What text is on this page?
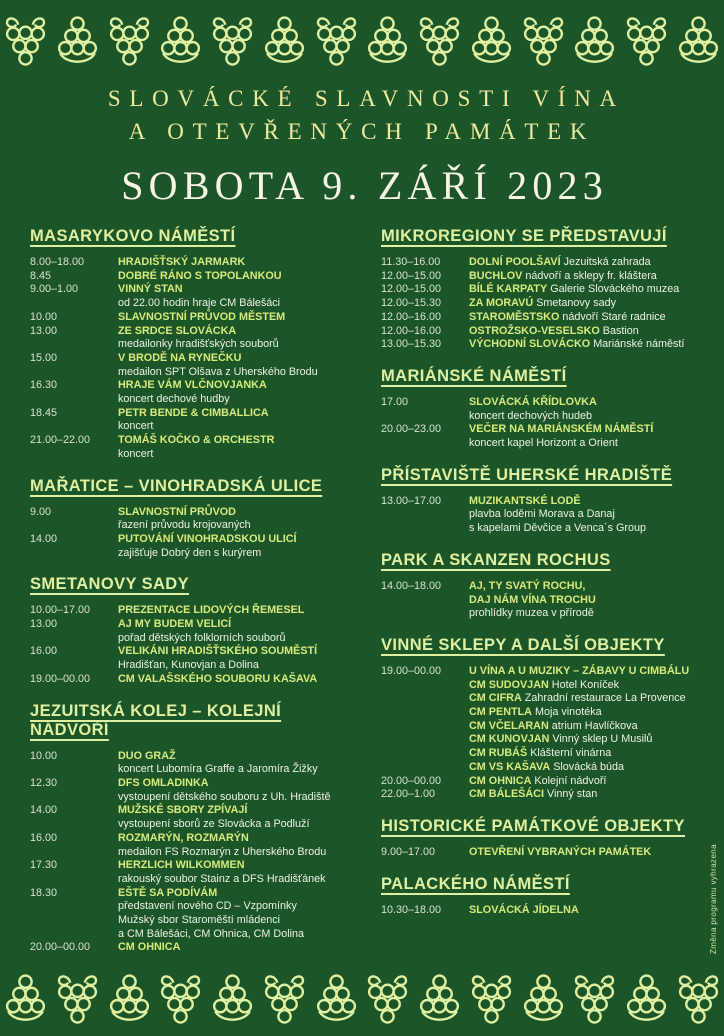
SLOVÁCKÉ SLAVNOSTI VÍNA
A OTEVŘENÝCH PAMÁTEK
SOBOTA 9. ZÁŘÍ 2023
MASARYKOVO NÁMĚSTÍ
8.00–18.00	HRADIŠŤSKÝ JARMARK
8.45	DOBRÉ RÁNO S TOPOLANKOU
9.00–1.00	VINNÝ STAN
od 22.00 hodin hraje CM Bálešáci
10.00	SLAVNOSTNÍ PRŮVOD MĚSTEM
13.00	ZE SRDCE SLOVÁCKA
medailonky hradišťských souborů
15.00	V BRODĚ NA RYNEČKU
medailon SPT Olšava z Uherského Brodu
16.30	HRAJE VÁM VLČNOVJANKA
koncert dechové hudby
18.45	PETR BENDE & CIMBALLICA
koncert
21.00–22.00	TOMÁŠ KOČKO & ORCHESTR
koncert
MAŘATICE – VINOHRADSKÁ ULICE
9.00	SLAVNOSTNÍ PRŮVOD
řazení průvodu krojovaných
14.00	PUTOVÁNÍ VINOHRADSKOU ULICÍ
zajišťuje Dobrý den s kurýrem
SMETANOVY SADY
10.00–17.00	PREZENTACE LIDOVÝCH ŘEMESEL
13.00	AJ MY BUDEM VELICÍ
pořad dětských folklorních souborů
16.00	VELIKÁNI HRADIŠŤSKÉHO SOUMĚSTÍ
Hradišťan, Kunovjan a Dolina
19.00–00.00	CM VALAŠSKÉHO SOUBORU KAŠAVA
JEZUITSKÁ KOLEJ – KOLEJNÍ NÁDVOŘÍ
10.00	DUO GRAŽ
koncert Lubomíra Graffe a Jaromíra Žižky
12.30	DFS OMLADINKA
vystoupení dětského souboru z Uh. Hradiště
14.00	MUŽSKÉ SBORY ZPÍVAJÍ
vystoupení sborů ze Slovácka a Podluží
16.00	ROZMARÝN, ROZMARÝN
medailon FS Rozmarýn z Uherského Brodu
17.30	HERZLICH WILKOMMEN
rakouský soubor Stainz a DFS Hradišťánek
18.30	EŠTĚ SA PODÍVÁM
představení nového CD – Vzpomínky
Mužský sbor Staroměští mládenci
a CM Bálešáci, CM Ohnica, CM Dolina
20.00–00.00	CM OHNICA
MIKROREGIONY SE PŘEDSTAVUJÍ
11.30–16.00	DOLNÍ POOLŠAVÍ Jezuitská zahrada
12.00–15.00	BUCHLOV nádvoří a sklepy fr. kláštera
12.00–15.00	BÍLÉ KARPATY Galerie Slováckého muzea
12.00–15.30	ZA MORAVÚ Smetanovy sady
12.00–16.00	STAROMĚSTSKO nádvoří Staré radnice
12.00–16.00	OSTROŽSKO-VESELSKO Bastion
13.00–15.30	VÝCHODNÍ SLOVÁCKO Mariánské náměstí
MARIÁNSKÉ NÁMĚSTÍ
17.00	SLOVÁCKÁ KŘÍDLOVKA
koncert dechových hudeb
20.00–23.00	VEČER NA MARIÁNSKÉM NÁMĚSTÍ
koncert kapel Horizont a Orient
PŘÍSTAVIŠTĚ UHERSKÉ HRADIŠTĚ
13.00–17.00	MUZIKANTSKÉ LODĚ
plavba loděmi Morava a Danaj
s kapelami Děvčice a Venca´s Group
PARK A SKANZEN ROCHUS
14.00–18.00	AJ, TY SVATÝ ROCHU,
DAJ NÁM VÍNA TROCHU
prohlídky muzea v přírodě
VINNÉ SKLEPY A DALŠÍ OBJEKTY
19.00–00.00	U VÍNA A U MUZIKY – ZÁBAVY U CIMBÁLU
CM SUDOVJAN Hotel Koníček
CM CIFRA Zahradní restaurace La Provence
CM PENTLA Moja vinotéka
CM VČELARAN atrium Havlíčkova
CM KUNOVJAN Vinný sklep U Musilů
CM RUBÁŠ Klášterní vinárna
CM VS KAŠAVA Slovácká búda
20.00–00.00	CM OHNICA Kolejní nádvoří
22.00–1.00	CM BÁLEŠÁCI Vinný stan
HISTORICKÉ PAMÁTKOVÉ OBJEKTY
9.00–17.00	OTEVŘENÍ VYBRANÝCH PAMÁTEK
PALACKÉHO NÁMĚSTÍ
10.30–18.00	SLOVÁCKÁ JÍDELNA	Změna programu vyhrazena
